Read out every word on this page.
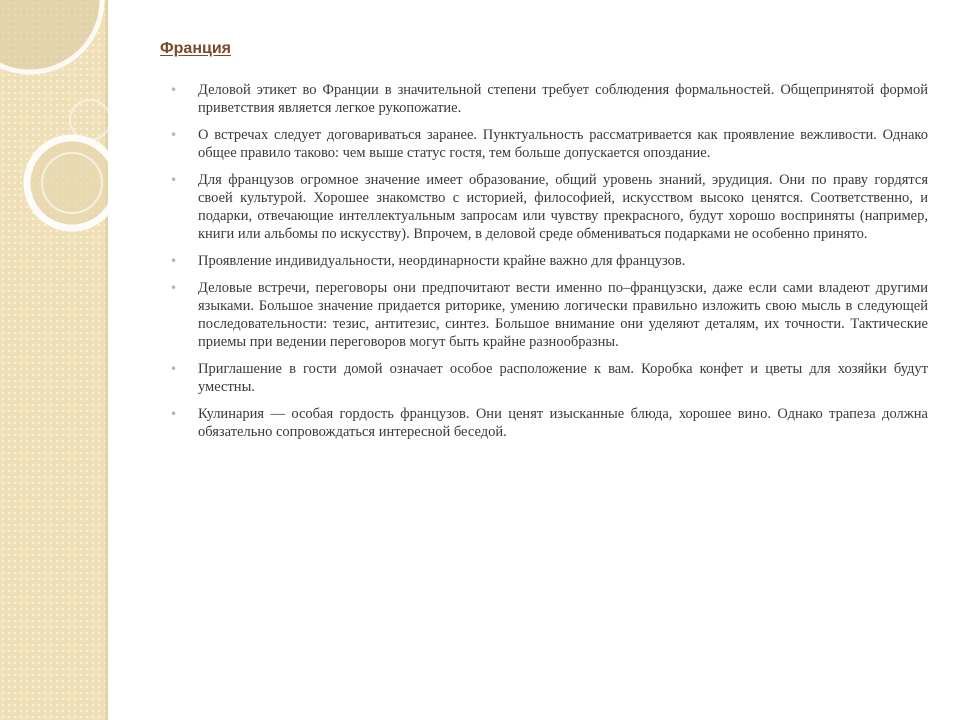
Франция
• Деловой этикет во Франции в значительной степени требует соблюдения формальностей. Общепринятой формой приветствия является легкое рукопожатие.
• О встречах следует договариваться заранее. Пунктуальность рассматривается как проявление вежливости. Однако общее правило таково: чем выше статус гостя, тем больше допускается опоздание.
• Для французов огромное значение имеет образование, общий уровень знаний, эрудиция. Они по праву гордятся своей культурой. Хорошее знакомство с историей, философией, искусством высоко ценятся. Соответственно, и подарки, отвечающие интеллектуальным запросам или чувству прекрасного, будут хорошо восприняты (например, книги или альбомы по искусству). Впрочем, в деловой среде обмениваться подарками не особенно принято.
• Проявление индивидуальности, неординарности крайне важно для французов.
• Деловые встречи, переговоры они предпочитают вести именно по–французски, даже если сами владеют другими языками. Большое значение придается риторике, умению логически правильно изложить свою мысль в следующей последовательности: тезис, антитезис, синтез. Большое внимание они уделяют деталям, их точности. Тактические приемы при ведении переговоров могут быть крайне разнообразны.
• Приглашение в гости домой означает особое расположение к вам. Коробка конфет и цветы для хозяйки будут уместны.
• Кулинария — особая гордость французов. Они ценят изысканные блюда, хорошее вино. Однако трапеза должна обязательно сопровождаться интересной беседой.
